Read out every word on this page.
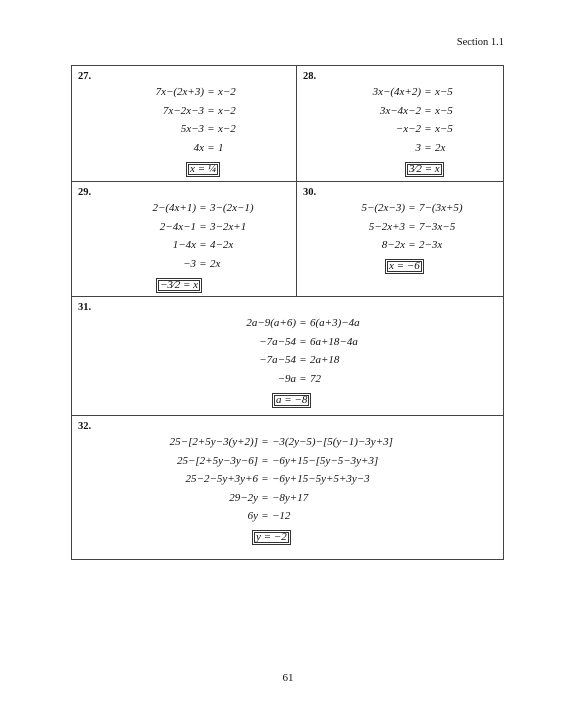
Section 1.1
27.
7x−(2x+3) = x−2
7x−2x−3 = x−2
5x−3 = x−2
4x = 1
x = ¼
28.
3x−(4x+2) = x−5
3x−4x−2 = x−5
−x−2 = x−5
3 = 2x
3⁄2 = x
29.
2−(4x+1) = 3−(2x−1)
2−4x−1 = 3−2x+1
1−4x = 4−2x
−3 = 2x
−3⁄2 = x
30.
5−(2x−3) = 7−(3x+5)
5−2x+3 = 7−3x−5
8−2x = 2−3x
x = −6
31.
2a−9(a+6) = 6(a+3)−4a
−7a−54 = 6a+18−4a
−7a−54 = 2a+18
−9a = 72
a = −8
32.
25−[2+5y−3(y+2)] = −3(2y−5)−[5(y−1)−3y+3]
25−[2+5y−3y−6] = −6y+15−[5y−5−3y+3]
25−2−5y+3y+6 = −6y+15−5y+5+3y−3
29−2y = −8y+17
6y = −12
y = −2
61
